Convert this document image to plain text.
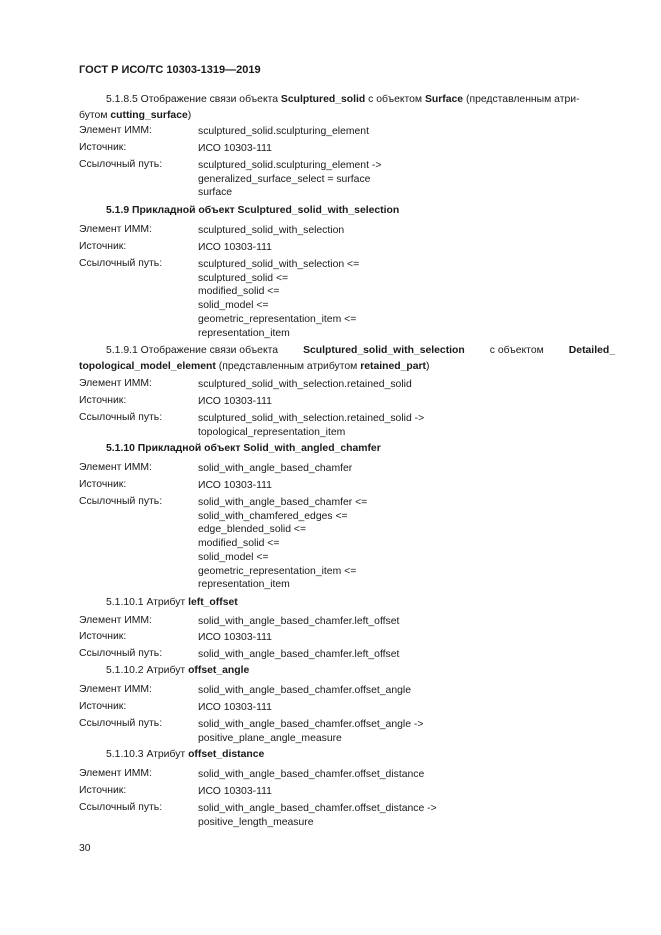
ГОСТ Р ИСО/ТС 10303-1319—2019
5.1.8.5 Отображение связи объекта Sculptured_solid с объектом Surface (представленным атри-
бутом cutting_surface)
Элемент ИММ:	sculptured_solid.sculpturing_element
Источник:	ИСО 10303-111
Ссылочный путь:	sculptured_solid.sculpturing_element ->
generalized_surface_select = surface
surface
5.1.9 Прикладной объект Sculptured_solid_with_selection
Элемент ИММ:	sculptured_solid_with_selection
Источник:	ИСО 10303-111
Ссылочный путь:	sculptured_solid_with_selection <=
sculptured_solid <=
modified_solid <=
solid_model <=
geometric_representation_item <=
representation_item
5.1.9.1 Отображение связи объекта Sculptured_solid_with_selection с объектом Detailed_
topological_model_element (представленным атрибутом retained_part)
Элемент ИММ:	sculptured_solid_with_selection.retained_solid
Источник:	ИСО 10303-111
Ссылочный путь:	sculptured_solid_with_selection.retained_solid ->
topological_representation_item
5.1.10 Прикладной объект Solid_with_angled_chamfer
Элемент ИММ:	solid_with_angle_based_chamfer
Источник:	ИСО 10303-111
Ссылочный путь:	solid_with_angle_based_chamfer <=
solid_with_chamfered_edges <=
edge_blended_solid <=
modified_solid <=
solid_model <=
geometric_representation_item <=
representation_item
5.1.10.1 Атрибут left_offset
Элемент ИММ:	solid_with_angle_based_chamfer.left_offset
Источник:	ИСО 10303-111
Ссылочный путь:	solid_with_angle_based_chamfer.left_offset
5.1.10.2 Атрибут offset_angle
Элемент ИММ:	solid_with_angle_based_chamfer.offset_angle
Источник:	ИСО 10303-111
Ссылочный путь:	solid_with_angle_based_chamfer.offset_angle ->
positive_plane_angle_measure
5.1.10.3 Атрибут offset_distance
Элемент ИММ:	solid_with_angle_based_chamfer.offset_distance
Источник:	ИСО 10303-111
Ссылочный путь:	solid_with_angle_based_chamfer.offset_distance ->
positive_length_measure
30
